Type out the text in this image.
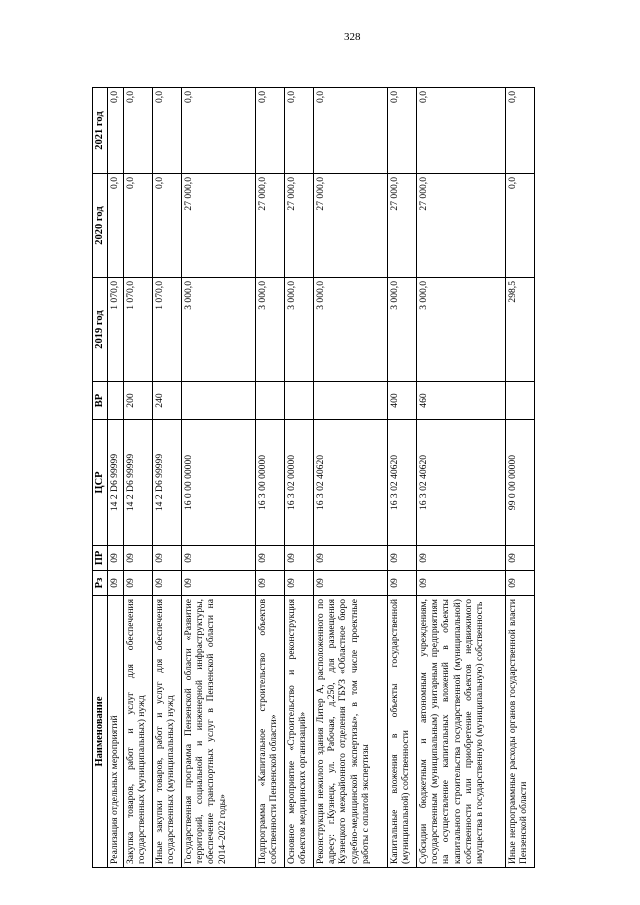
328
Наименование	Рз	ПР	ЦСР	ВР	2019 год	2020 год	2021 год
Реализация отдельных мероприятий	09	09	14 2 D6 99999		1 070,0	0,0	0,0
Закупка товаров, работ и услуг для обеспечения государственных (муниципальных) нужд	09	09	14 2 D6 99999	200	1 070,0	0,0	0,0
Иные закупки товаров, работ и услуг для обеспечения государственных (муниципальных) нужд	09	09	14 2 D6 99999	240	1 070,0	0,0	0,0
Государственная программа Пензенской области «Развитие территорий, социальной и инженерной инфраструктуры, обеспечение транспортных услуг в Пензенской области на 2014–2022 годы»	09	09	16 0 00 00000		3 000,0	27 000,0	0,0
Подпрограмма «Капитальное строительство объектов собственности Пензенской области»	09	09	16 3 00 00000		3 000,0	27 000,0	0,0
Основное мероприятие «Строительство и реконструкция объектов медицинских организаций»	09	09	16 3 02 00000		3 000,0	27 000,0	0,0
Реконструкция нежилого здания Литер А, расположенного по адресу: г.Кузнецк, ул. Рабочая, д.250, для размещения Кузнецкого межрайонного отделения ГБУЗ «Областное бюро судебно-медицинской экспертизы», в том числе проектные работы с оплатой экспертизы	09	09	16 3 02 40620		3 000,0	27 000,0	0,0
Капитальные вложения в объекты государственной (муниципальной) собственности	09	09	16 3 02 40620	400	3 000,0	27 000,0	0,0
Субсидии бюджетным и автономным учреждениям, государственным (муниципальным) унитарным предприятиям на осуществление капитальных вложений в объекты капитального строительства государственной (муниципальной) собственности или приобретение объектов недвижимого имущества в государственную (муниципальную) собственность	09	09	16 3 02 40620	460	3 000,0	27 000,0	0,0
Иные непрограммные расходы органов государственной власти Пензенской области	09	09	99 0 00 00000		298,5	0,0	0,0
